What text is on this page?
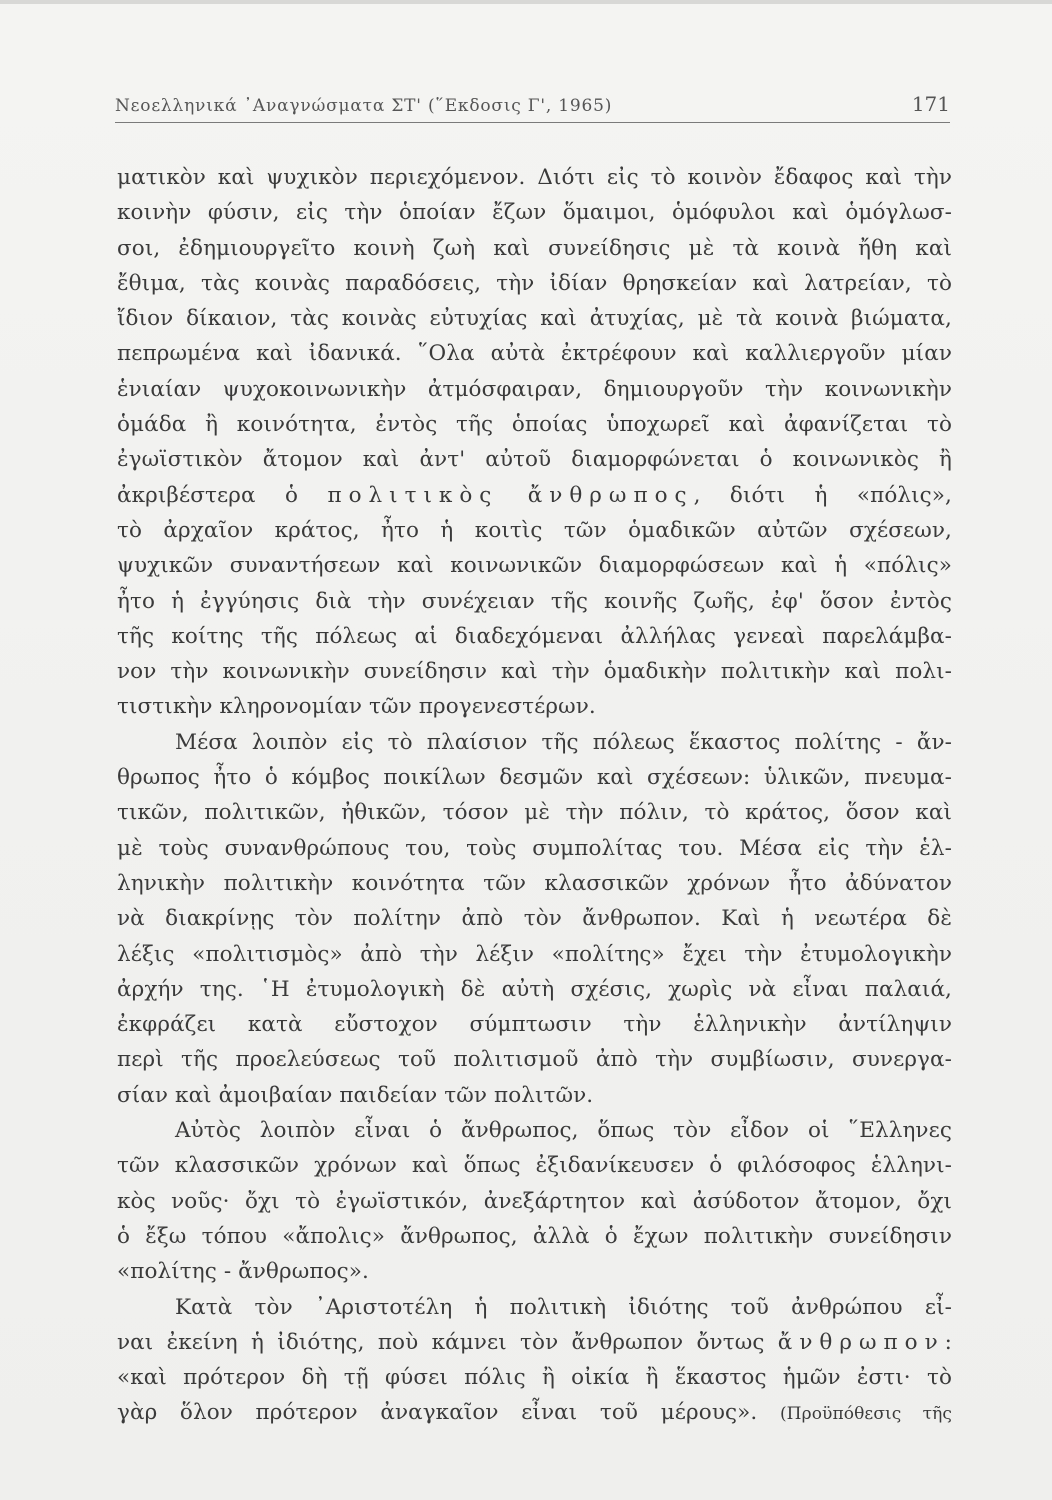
Νεοελληνικά ᾿Αναγνώσματα ΣΤ' (῞Εκδοσις Γ', 1965)	171
ματικὸν καὶ ψυχικὸν περιεχόμενον. Διότι εἰς τὸ κοινὸν ἔδαφος καὶ τὴν
κοινὴν φύσιν, εἰς τὴν ὁποίαν ἔζων ὅμαιμοι, ὁμόφυλοι καὶ ὁμόγλωσ-
σοι, ἐδημιουργεῖτο κοινὴ ζωὴ καὶ συνείδησις μὲ τὰ κοινὰ ἤθη καὶ
ἔθιμα, τὰς κοινὰς παραδόσεις, τὴν ἰδίαν θρησκείαν καὶ λατρείαν, τὸ
ἴδιον δίκαιον, τὰς κοινὰς εὐτυχίας καὶ ἀτυχίας, μὲ τὰ κοινὰ βιώματα,
πεπρωμένα καὶ ἰδανικά. ῞Ολα αὐτὰ ἐκτρέφουν καὶ καλλιεργοῦν μίαν
ἑνιαίαν ψυχοκοινωνικὴν ἀτμόσφαιραν, δημιουργοῦν τὴν κοινωνικὴν
ὁμάδα ἢ κοινότητα, ἐντὸς τῆς ὁποίας ὑποχωρεῖ καὶ ἀφανίζεται τὸ
ἐγωϊστικὸν ἄτομον καὶ ἀντ' αὐτοῦ διαμορφώνεται ὁ κοινωνικὸς ἢ
ἀκριβέστερα ὁ πολιτικὸς ἄνθρωπος, διότι ἡ «πόλις»,
τὸ ἀρχαῖον κράτος, ἦτο ἡ κοιτὶς τῶν ὁμαδικῶν αὐτῶν σχέσεων,
ψυχικῶν συναντήσεων καὶ κοινωνικῶν διαμορφώσεων καὶ ἡ «πόλις»
ἦτο ἡ ἐγγύησις διὰ τὴν συνέχειαν τῆς κοινῆς ζωῆς, ἐφ' ὅσον ἐντὸς
τῆς κοίτης τῆς πόλεως αἱ διαδεχόμεναι ἀλλήλας γενεαὶ παρελάμβα-
νον τὴν κοινωνικὴν συνείδησιν καὶ τὴν ὁμαδικὴν πολιτικὴν καὶ πολι-
τιστικὴν κληρονομίαν τῶν προγενεστέρων.
Μέσα λοιπὸν εἰς τὸ πλαίσιον τῆς πόλεως ἕκαστος πολίτης - ἄν-
θρωπος ἦτο ὁ κόμβος ποικίλων δεσμῶν καὶ σχέσεων: ὑλικῶν, πνευμα-
τικῶν, πολιτικῶν, ἠθικῶν, τόσον μὲ τὴν πόλιν, τὸ κράτος, ὅσον καὶ
μὲ τοὺς συνανθρώπους του, τοὺς συμπολίτας του. Μέσα εἰς τὴν ἑλ-
ληνικὴν πολιτικὴν κοινότητα τῶν κλασσικῶν χρόνων ἦτο ἀδύνατον
νὰ διακρίνῃς τὸν πολίτην ἀπὸ τὸν ἄνθρωπον. Καὶ ἡ νεωτέρα δὲ
λέξις «πολιτισμὸς» ἀπὸ τὴν λέξιν «πολίτης» ἔχει τὴν ἐτυμολογικὴν
ἀρχήν της. ῾Η ἐτυμολογικὴ δὲ αὐτὴ σχέσις, χωρὶς νὰ εἶναι παλαιά,
ἐκφράζει κατὰ εὔστοχον σύμπτωσιν τὴν ἑλληνικὴν ἀντίληψιν
περὶ τῆς προελεύσεως τοῦ πολιτισμοῦ ἀπὸ τὴν συμβίωσιν, συνεργα-
σίαν καὶ ἀμοιβαίαν παιδείαν τῶν πολιτῶν.
Αὐτὸς λοιπὸν εἶναι ὁ ἄνθρωπος, ὅπως τὸν εἶδον οἱ ῞Ελληνες
τῶν κλασσικῶν χρόνων καὶ ὅπως ἐξιδανίκευσεν ὁ φιλόσοφος ἑλληνι-
κὸς νοῦς· ὄχι τὸ ἐγωϊστικόν, ἀνεξάρτητον καὶ ἀσύδοτον ἄτομον, ὄχι
ὁ ἔξω τόπου «ἄπολις» ἄνθρωπος, ἀλλὰ ὁ ἔχων πολιτικὴν συνείδησιν
«πολίτης - ἄνθρωπος».
Κατὰ τὸν ᾿Αριστοτέλη ἡ πολιτικὴ ἰδιότης τοῦ ἀνθρώπου εἶ-
ναι ἐκείνη ἡ ἰδιότης, ποὺ κάμνει τὸν ἄνθρωπον ὄντως ἄνθρωπον:
«καὶ πρότερον δὴ τῇ φύσει πόλις ἢ οἰκία ἢ ἕκαστος ἡμῶν ἐστι· τὸ
γὰρ ὅλον πρότερον ἀναγκαῖον εἶναι τοῦ μέρους». (Προϋπόθεσις τῆς
